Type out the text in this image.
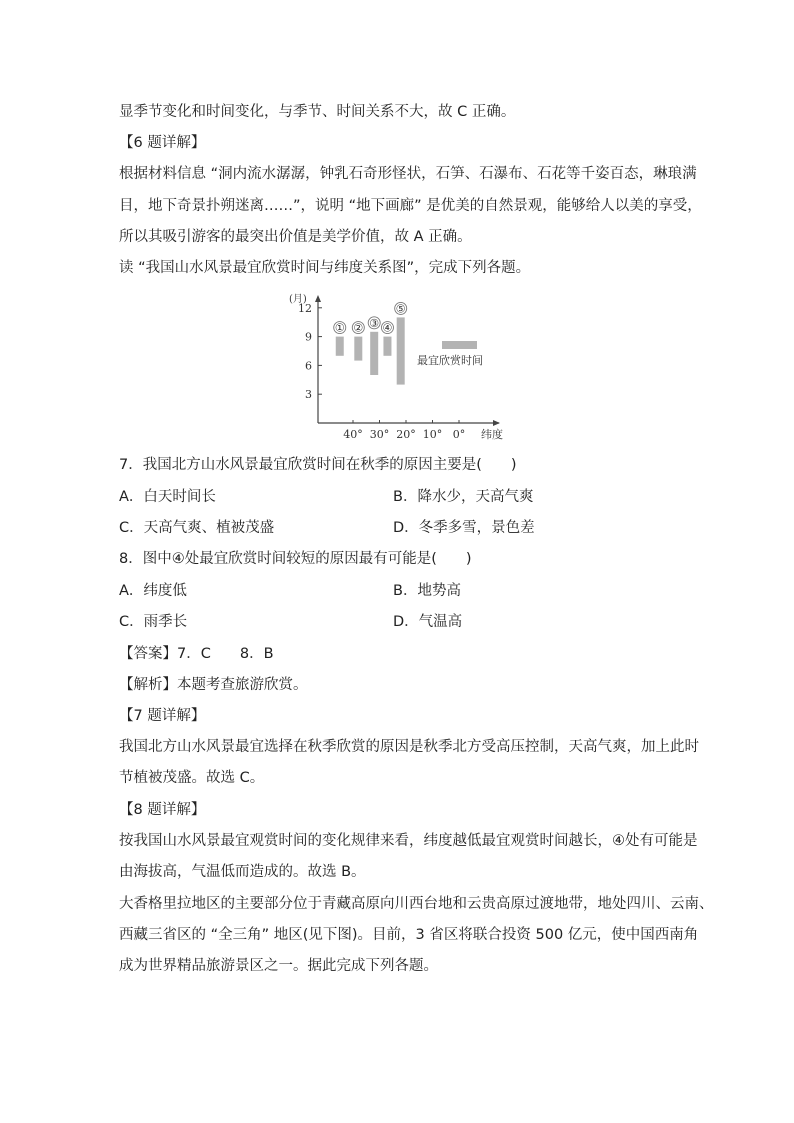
显季节变化和时间变化，与季节、时间关系不大，故 C 正确。
【6 题详解】
根据材料信息 “洞内流水潺潺，钟乳石奇形怪状，石笋、石瀑布、石花等千姿百态，琳琅满
目，地下奇景扑朔迷离……”，说明 “地下画廊” 是优美的自然景观，能够给人以美的享受，
所以其吸引游客的最突出价值是美学价值，故 A 正确。
读 “我国山水风景最宜欣赏时间与纬度关系图”，完成下列各题。
(月)
12
9
6
3
40° 30° 20° 10° 0° 纬度
① ② ③ ④
⑤
最宜欣赏时间
7．我国北方山水风景最宜欣赏时间在秋季的原因主要是(　　)
A．白天时间长	B．降水少，天高气爽
C．天高气爽、植被茂盛	D．冬季多雪，景色差
8．图中④处最宜欣赏时间较短的原因最有可能是(　　)
A．纬度低	B．地势高
C．雨季长	D．气温高
【答案】7．C　　8．B
【解析】本题考查旅游欣赏。
【7 题详解】
我国北方山水风景最宜选择在秋季欣赏的原因是秋季北方受高压控制，天高气爽，加上此时
节植被茂盛。故选 C。
【8 题详解】
按我国山水风景最宜观赏时间的变化规律来看，纬度越低最宜观赏时间越长，④处有可能是
由海拔高，气温低而造成的。故选 B。
大香格里拉地区的主要部分位于青藏高原向川西台地和云贵高原过渡地带，地处四川、云南、
西藏三省区的 “全三角” 地区(见下图)。目前，3 省区将联合投资 500 亿元，使中国西南角
成为世界精品旅游景区之一。据此完成下列各题。
